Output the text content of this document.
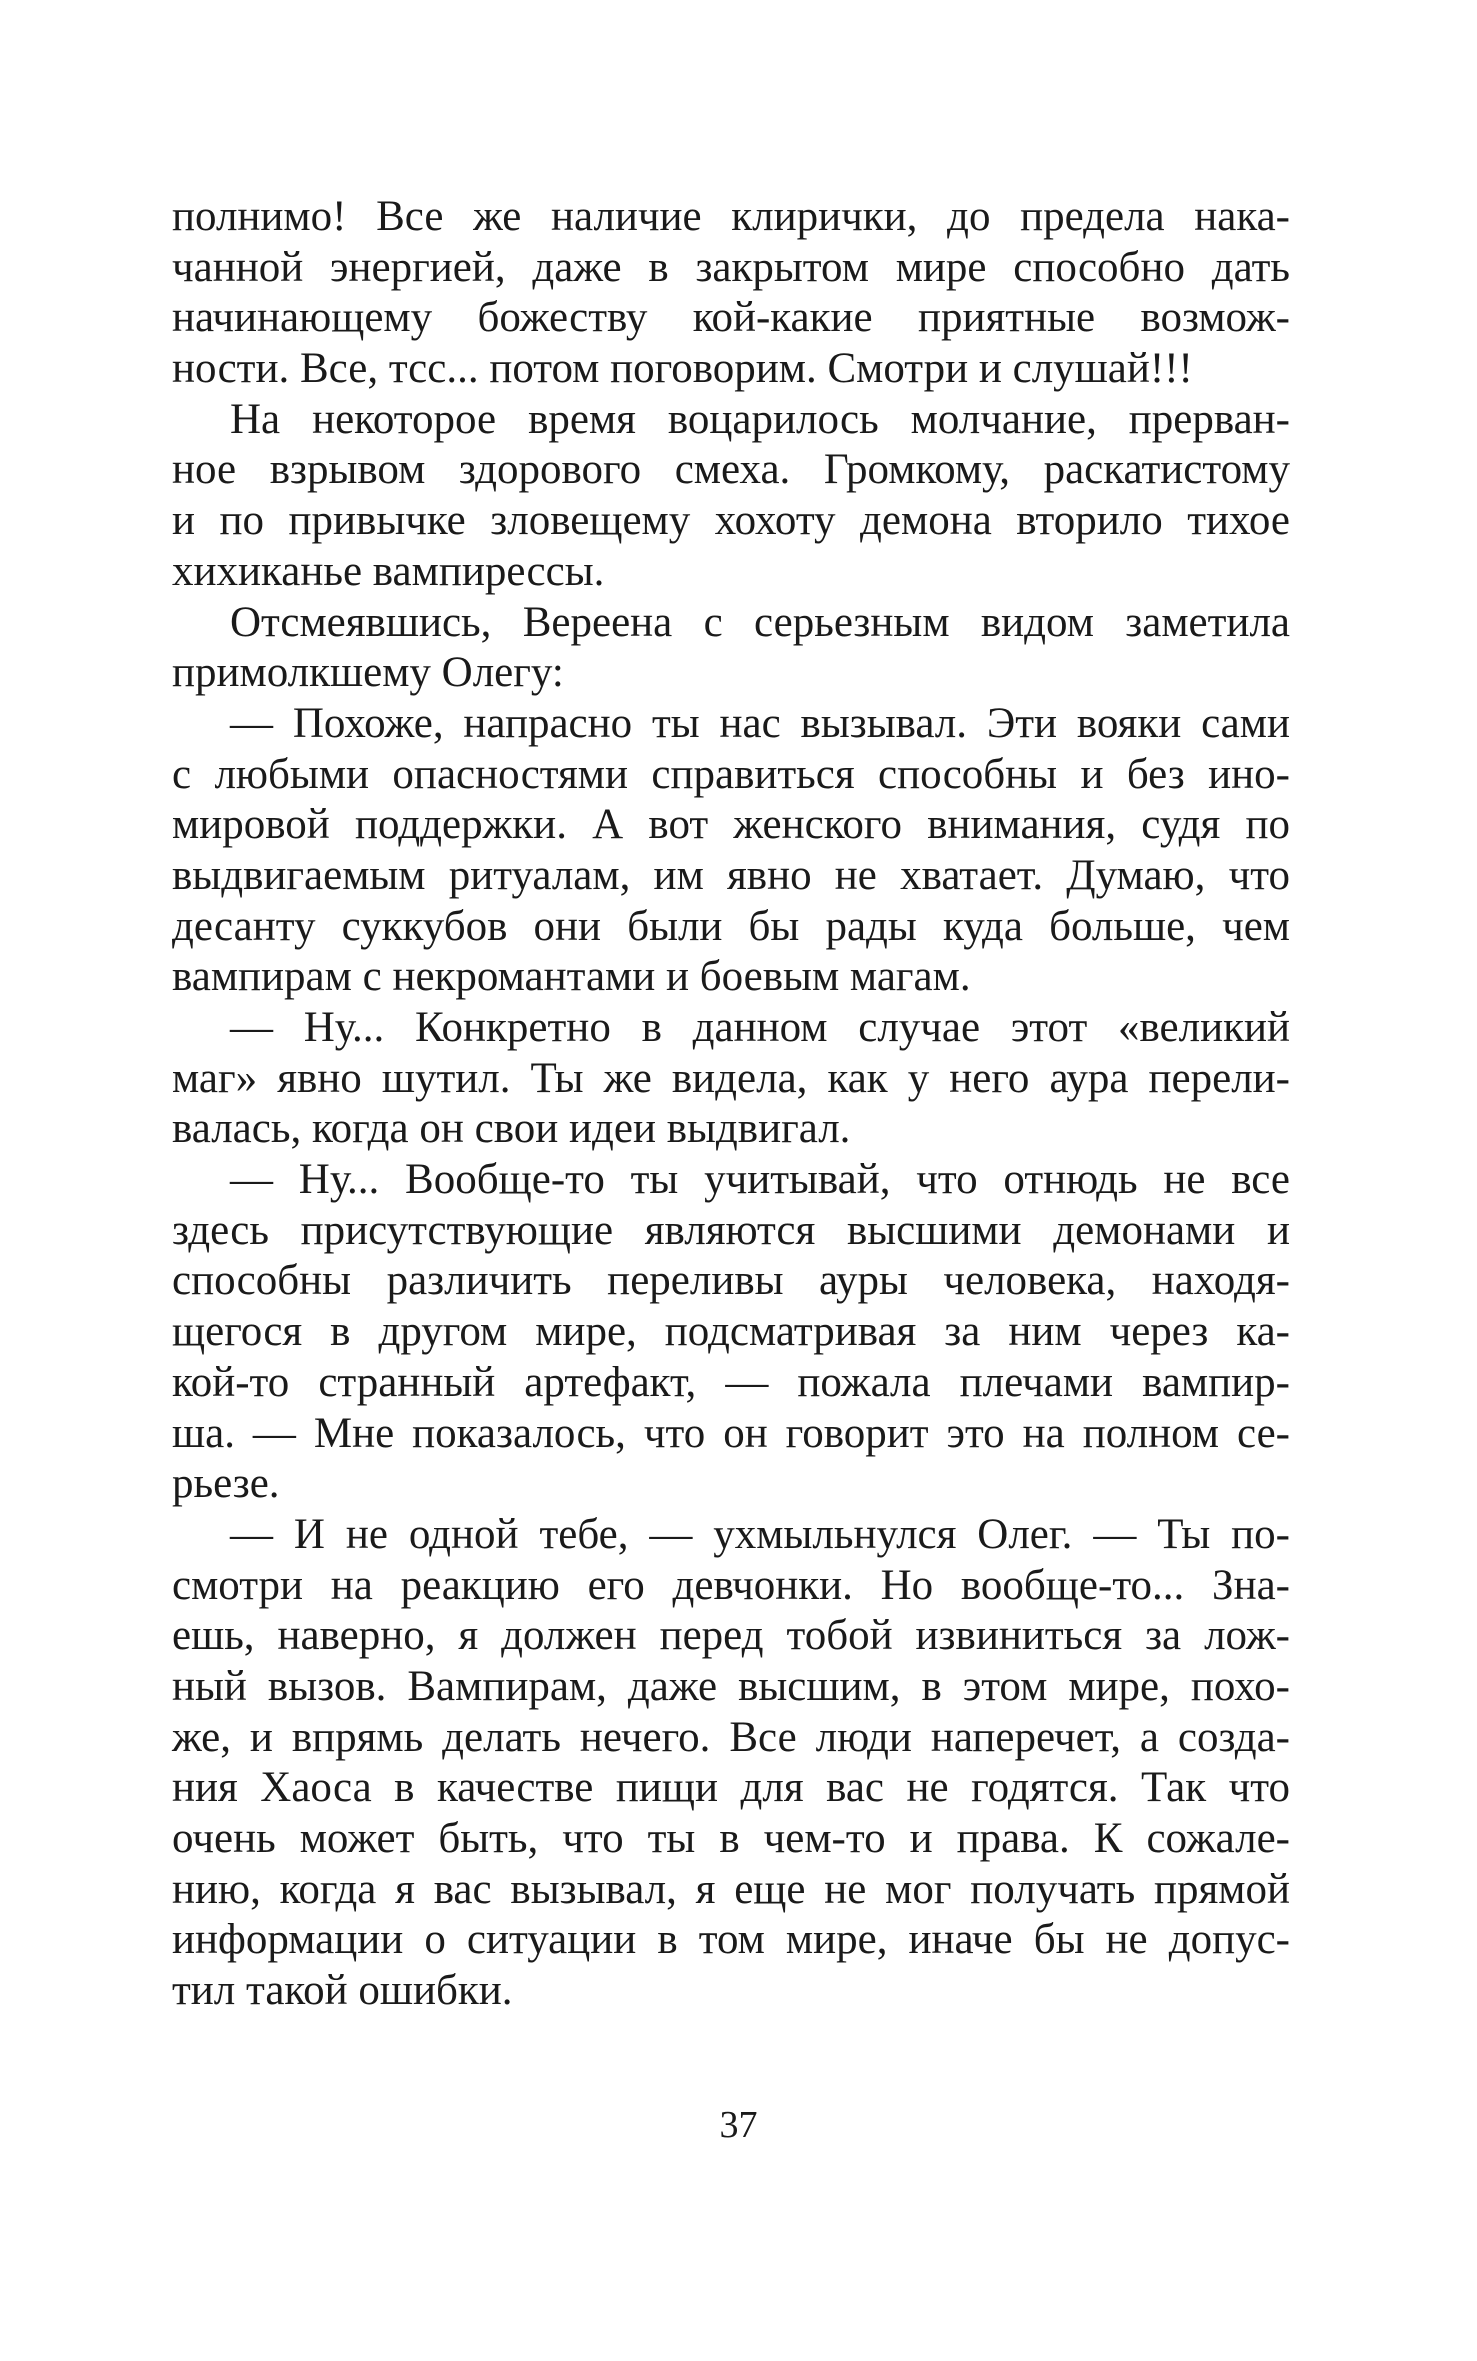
полнимо! Все же наличие клирички, до предела нака-
чанной энергией, даже в закрытом мире способно дать
начинающему божеству кой-какие приятные возмож-
ности. Все, тсс... потом поговорим. Смотри и слушай!!!
На некоторое время воцарилось молчание, прерван-
ное взрывом здорового смеха. Громкому, раскатистому
и по привычке зловещему хохоту демона вторило тихое
хихиканье вампирессы.
Отсмеявшись, Вереена с серьезным видом заметила
примолкшему Олегу:
— Похоже, напрасно ты нас вызывал. Эти вояки сами
с любыми опасностями справиться способны и без ино-
мировой поддержки. А вот женского внимания, судя по
выдвигаемым ритуалам, им явно не хватает. Думаю, что
десанту суккубов они были бы рады куда больше, чем
вампирам с некромантами и боевым магам.
— Ну... Конкретно в данном случае этот «великий
маг» явно шутил. Ты же видела, как у него аура перели-
валась, когда он свои идеи выдвигал.
— Ну... Вообще-то ты учитывай, что отнюдь не все
здесь присутствующие являются высшими демонами и
способны различить переливы ауры человека, находя-
щегося в другом мире, подсматривая за ним через ка-
кой-то странный артефакт, — пожала плечами вампир-
ша. — Мне показалось, что он говорит это на полном се-
рьезе.
— И не одной тебе, — ухмыльнулся Олег. — Ты по-
смотри на реакцию его девчонки. Но вообще-то... Зна-
ешь, наверно, я должен перед тобой извиниться за лож-
ный вызов. Вампирам, даже высшим, в этом мире, похо-
же, и впрямь делать нечего. Все люди наперечет, а созда-
ния Хаоса в качестве пищи для вас не годятся. Так что
очень может быть, что ты в чем-то и права. К сожале-
нию, когда я вас вызывал, я еще не мог получать прямой
информации о ситуации в том мире, иначе бы не допус-
тил такой ошибки.
37
